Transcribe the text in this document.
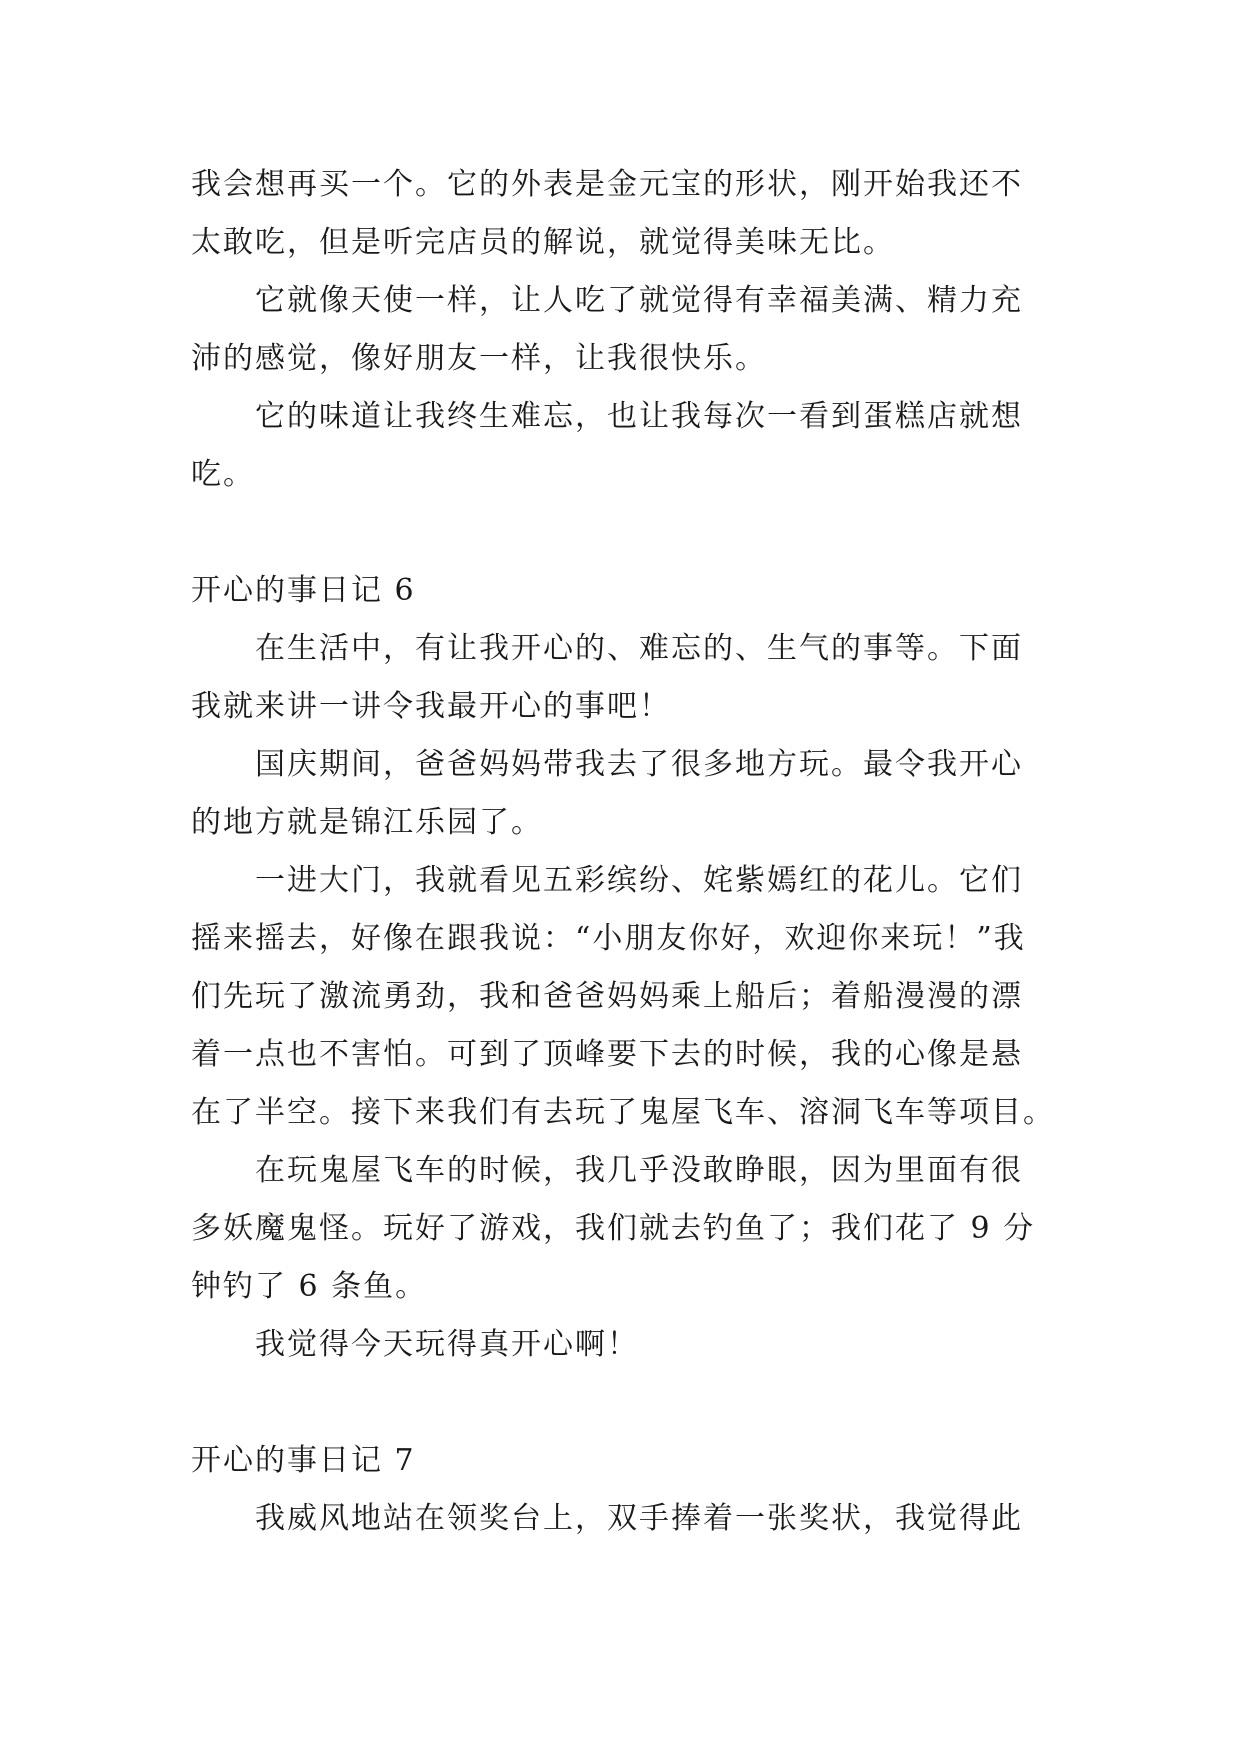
我会想再买一个。它的外表是金元宝的形状，刚开始我还不
太敢吃，但是听完店员的解说，就觉得美味无比。
它就像天使一样，让人吃了就觉得有幸福美满、精力充
沛的感觉，像好朋友一样，让我很快乐。
它的味道让我终生难忘，也让我每次一看到蛋糕店就想
吃。
开心的事日记 6
在生活中，有让我开心的、难忘的、生气的事等。下面
我就来讲一讲令我最开心的事吧！
国庆期间，爸爸妈妈带我去了很多地方玩。最令我开心
的地方就是锦江乐园了。
一进大门，我就看见五彩缤纷、姹紫嫣红的花儿。它们
摇来摇去，好像在跟我说：“小朋友你好，欢迎你来玩！”我
们先玩了激流勇劲，我和爸爸妈妈乘上船后；着船漫漫的漂
着一点也不害怕。可到了顶峰要下去的时候，我的心像是悬
在了半空。接下来我们有去玩了鬼屋飞车、溶洞飞车等项目。
在玩鬼屋飞车的时候，我几乎没敢睁眼，因为里面有很
多妖魔鬼怪。玩好了游戏，我们就去钓鱼了；我们花了 9 分
钟钓了 6 条鱼。
我觉得今天玩得真开心啊！
开心的事日记 7
我威风地站在领奖台上，双手捧着一张奖状，我觉得此
